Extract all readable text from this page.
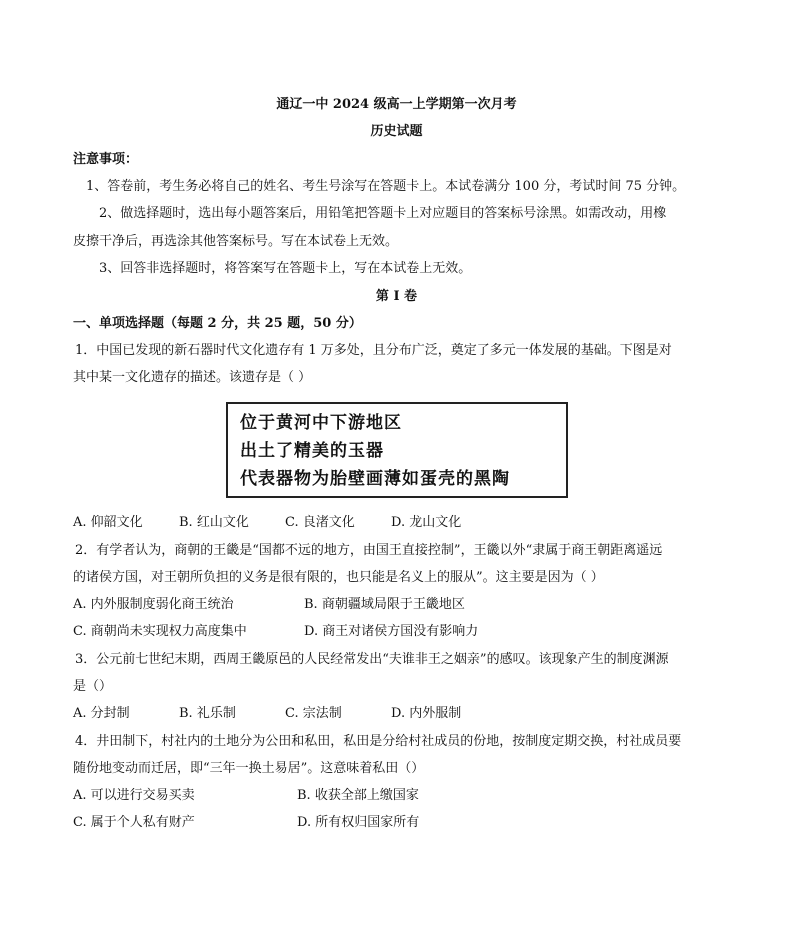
通辽一中 2024 级高一上学期第一次月考
历史试题
注意事项：
1、答卷前，考生务必将自己的姓名、考生号涂写在答题卡上。本试卷满分 100 分，考试时间 75 分钟。
2、做选择题时，选出每小题答案后，用铅笔把答题卡上对应题目的答案标号涂黑。如需改动，用橡
皮擦干净后，再选涂其他答案标号。写在本试卷上无效。
3、回答非选择题时，将答案写在答题卡上，写在本试卷上无效。
第 I 卷
一、单项选择题（每题 2 分，共 25 题，50 分）
1．中国已发现的新石器时代文化遗存有 1 万多处，且分布广泛，奠定了多元一体发展的基础。下图是对
其中某一文化遗存的描述。该遗存是（ ）
位于黄河中下游地区
出土了精美的玉器
代表器物为胎壁画薄如蛋壳的黑陶
A. 仰韶文化	B. 红山文化	C. 良渚文化	D. 龙山文化
2．有学者认为，商朝的王畿是“国都不远的地方，由国王直接控制”，王畿以外“隶属于商王朝距离遥远
的诸侯方国，对王朝所负担的义务是很有限的，也只能是名义上的服从”。这主要是因为（ ）
A. 内外服制度弱化商王统治	B. 商朝疆域局限于王畿地区
C. 商朝尚未实现权力高度集中	D. 商王对诸侯方国没有影响力
3．公元前七世纪末期，西周王畿原邑的人民经常发出“夫谁非王之姻亲”的感叹。该现象产生的制度渊源
是（）
A. 分封制	B. 礼乐制	C. 宗法制	D. 内外服制
4．井田制下，村社内的土地分为公田和私田，私田是分给村社成员的份地，按制度定期交换，村社成员要
随份地变动而迁居，即“三年一换土易居”。这意味着私田（）
A. 可以进行交易买卖	B. 收获全部上缴国家
C. 属于个人私有财产	D. 所有权归国家所有
